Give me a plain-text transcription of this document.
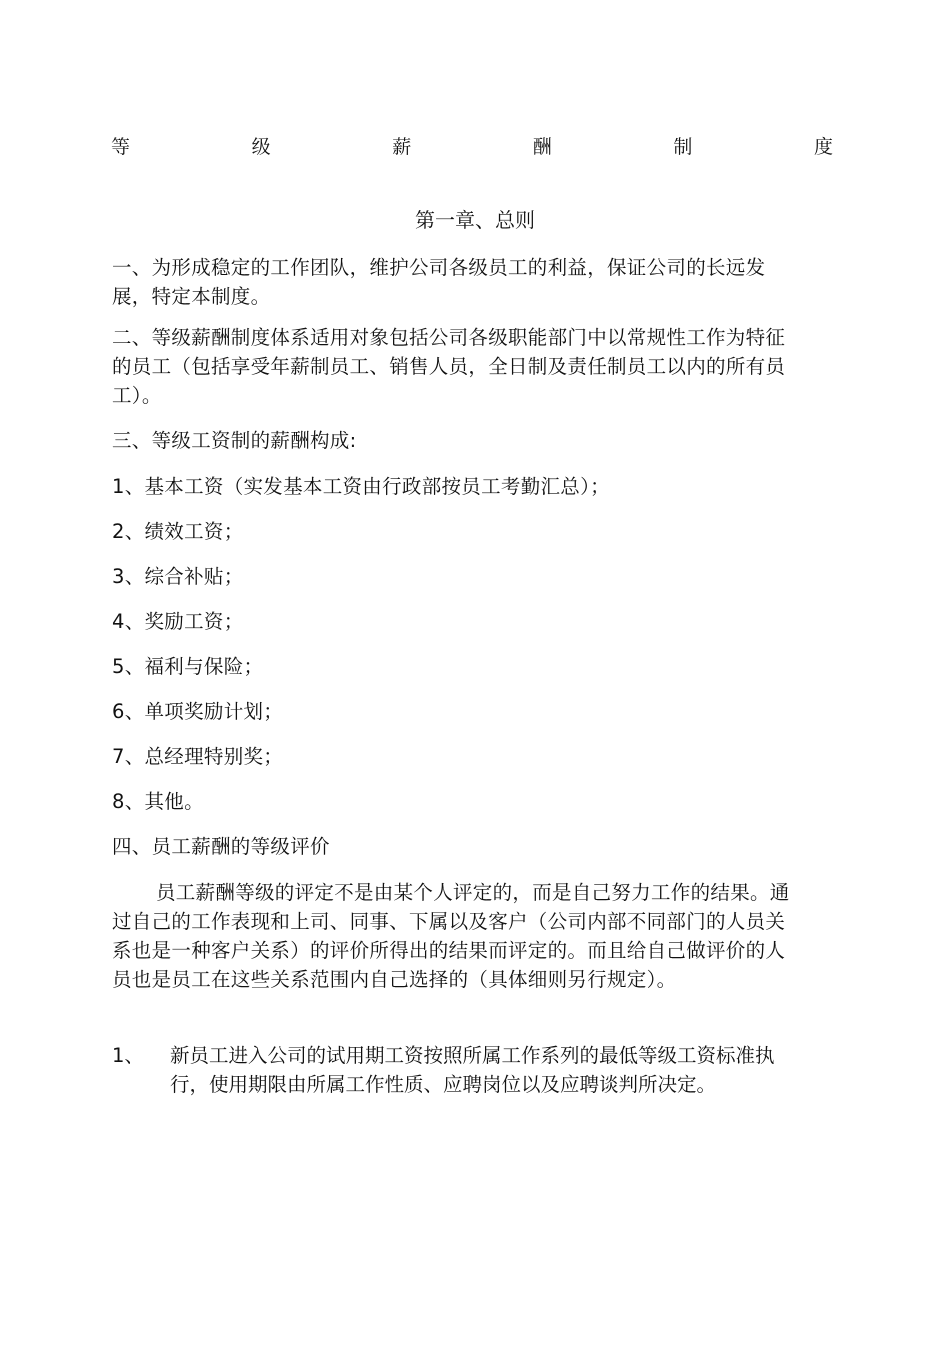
等	级	薪	酬	制	度
第一章、总则
一、为形成稳定的工作团队，维护公司各级员工的利益，保证公司的长远发展，特定本制度。
二、等级薪酬制度体系适用对象包括公司各级职能部门中以常规性工作为特征的员工（包括享受年薪制员工、销售人员，全日制及责任制员工以内的所有员工）。
三、等级工资制的薪酬构成:
1、基本工资（实发基本工资由行政部按员工考勤汇总）；
2、绩效工资；
3、综合补贴；
4、奖励工资；
5、福利与保险；
6、单项奖励计划；
7、总经理特别奖；
8、其他。
四、员工薪酬的等级评价
员工薪酬等级的评定不是由某个人评定的，而是自己努力工作的结果。通过自己的工作表现和上司、同事、下属以及客户（公司内部不同部门的人员关系也是一种客户关系）的评价所得出的结果而评定的。而且给自己做评价的人员也是员工在这些关系范围内自己选择的（具体细则另行规定）。
1、	新员工进入公司的试用期工资按照所属工作系列的最低等级工资标准执行，使用期限由所属工作性质、应聘岗位以及应聘谈判所决定。
